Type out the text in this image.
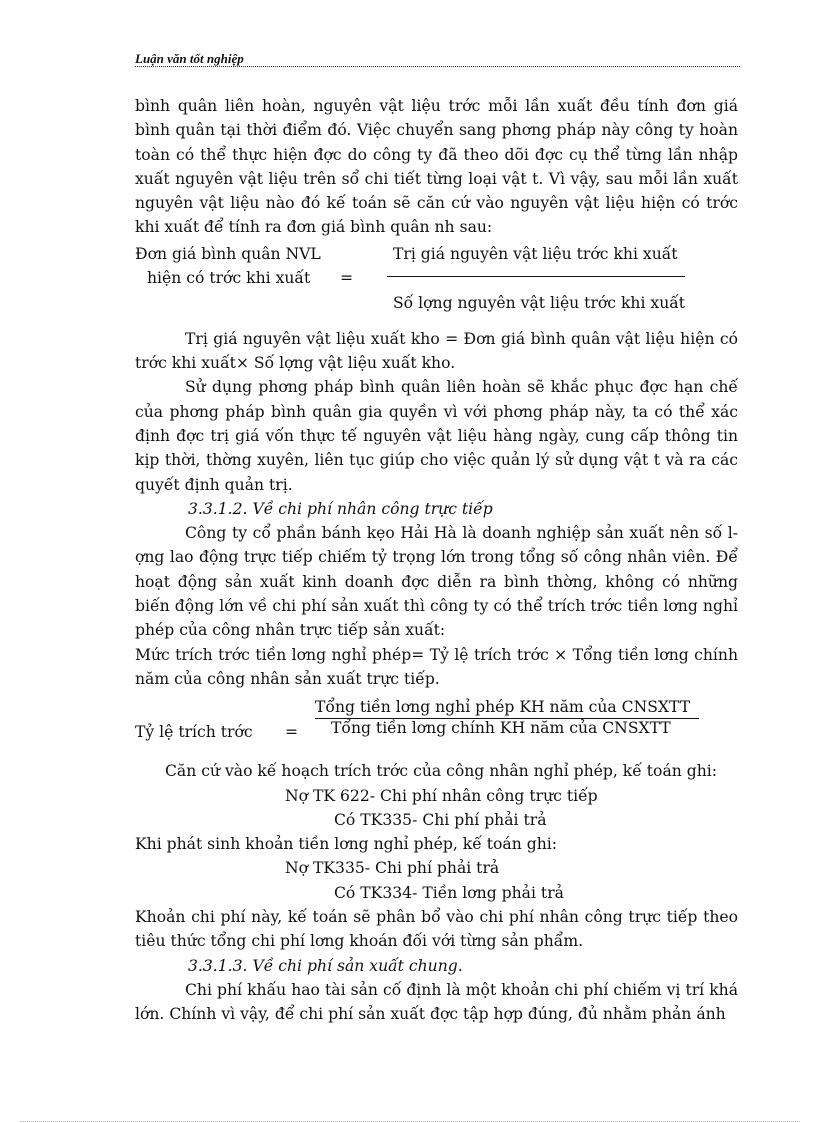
Luận văn tốt nghiệp

bình quân liên hoàn, nguyên vật liệu trớc mỗi lần xuất đều tính đơn giá bình quân tại thời điểm đó. Việc chuyển sang phơng pháp này công ty hoàn toàn có thể thực hiện đợc do công ty đã theo dõi đợc cụ thể từng lần nhập xuất nguyên vật liệu trên sổ chi tiết từng loại vật t. Vì vậy, sau mỗi lần xuất nguyên vật liệu nào đó kế toán sẽ căn cứ vào nguyên vật liệu hiện có trớc khi xuất để tính ra đơn giá bình quân nh sau:

Đơn giá bình quân NVL
hiện có trớc khi xuất =
Trị giá nguyên vật liệu trớc khi xuất
Số lợng nguyên vật liệu trớc khi xuất

Trị giá nguyên vật liệu xuất kho = Đơn giá bình quân vật liệu hiện có trớc khi xuất× Số lợng vật liệu xuất kho.

Sử dụng phơng pháp bình quân liên hoàn sẽ khắc phục đợc hạn chế của phơng pháp bình quân gia quyền vì với phơng pháp này, ta có thể xác định đợc trị giá vốn thực tế nguyên vật liệu hàng ngày, cung cấp thông tin kịp thời, thờng xuyên, liên tục giúp cho việc quản lý sử dụng vật t và ra các quyết định quản trị.

3.3.1.2. Về chi phí nhân công trực tiếp

Công ty cổ phần bánh kẹo Hải Hà là doanh nghiệp sản xuất nên số lợng lao động trực tiếp chiếm tỷ trọng lớn trong tổng số công nhân viên. Để hoạt động sản xuất kinh doanh đợc diễn ra bình thờng, không có những biến động lớn về chi phí sản xuất thì công ty có thể trích trớc tiền lơng nghỉ phép của công nhân trực tiếp sản xuất:

Mức trích trớc tiền lơng nghỉ phép= Tỷ lệ trích trớc × Tổng tiền lơng chính năm của công nhân sản xuất trực tiếp.

Tỷ lệ trích trớc =
Tổng tiền lơng nghỉ phép KH năm của CNSXTT
Tổng tiền lơng chính KH năm của CNSXTT

Căn cứ vào kế hoạch trích trớc của công nhân nghỉ phép, kế toán ghi:

Nợ TK 622- Chi phí nhân công trực tiếp

Có TK335- Chi phí phải trả

Khi phát sinh khoản tiền lơng nghỉ phép, kế toán ghi:

Nợ TK335- Chi phí phải trả

Có TK334- Tiền lơng phải trả

Khoản chi phí này, kế toán sẽ phân bổ vào chi phí nhân công trực tiếp theo tiêu thức tổng chi phí lơng khoán đối với từng sản phẩm.

3.3.1.3. Về chi phí sản xuất chung.

Chi phí khấu hao tài sản cố định là một khoản chi phí chiếm vị trí khá lớn. Chính vì vậy, để chi phí sản xuất đợc tập hợp đúng, đủ nhằm phản ánh
